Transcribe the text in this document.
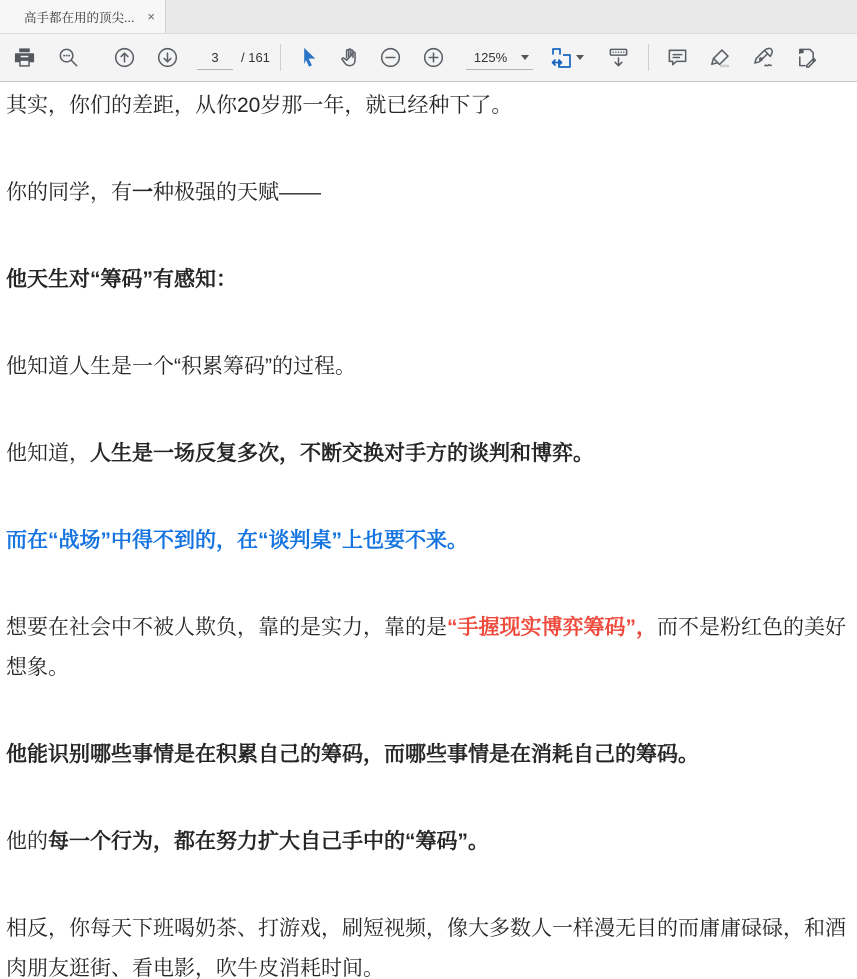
高手都在用的顶尖... ×
3
/ 161	125%

其实，你们的差距，从你20岁那一年，就已经种下了。

你的同学，有一种极强的天赋——

他天生对“筹码”有感知：

他知道人生是一个“积累筹码”的过程。

他知道，人生是一场反复多次，不断交换对手方的谈判和博弈。

而在“战场”中得不到的，在“谈判桌”上也要不来。

想要在社会中不被人欺负，靠的是实力，靠的是“手握现实博弈筹码”，而不是粉红色的美好想象。

他能识别哪些事情是在积累自己的筹码，而哪些事情是在消耗自己的筹码。

他的每一个行为，都在努力扩大自己手中的“筹码”。

相反，你每天下班喝奶茶、打游戏，刷短视频，像大多数人一样漫无目的而庸庸碌碌，和酒肉朋友逛街、看电影，吹牛皮消耗时间。
